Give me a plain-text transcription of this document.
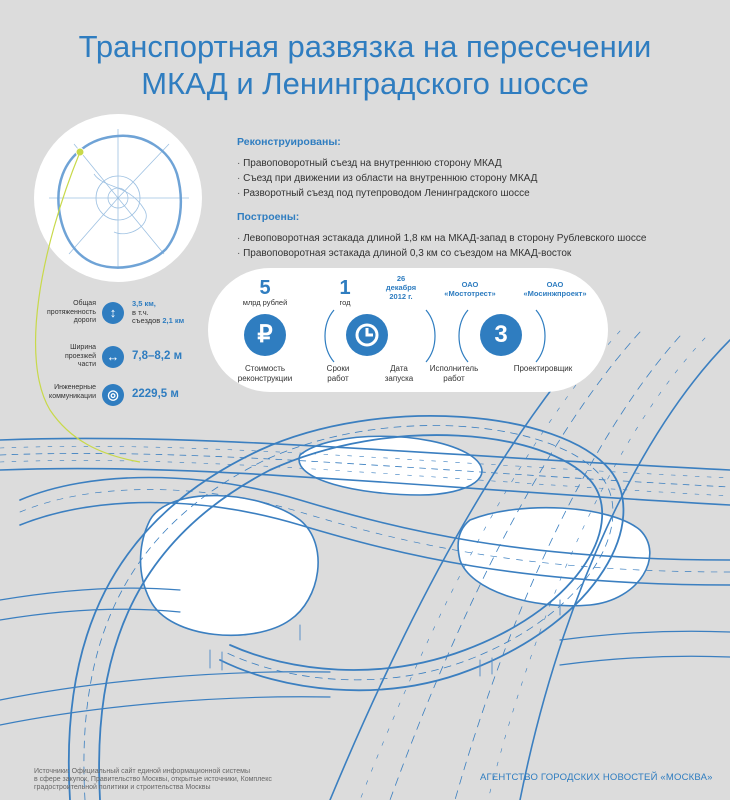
Транспортная развязка на пересечении
МКАД и Ленинградского шоссе
Реконструированы:
· Правоповоротный съезд на внутреннюю сторону МКАД
· Съезд при движении из области на внутреннюю сторону МКАД
· Разворотный съезд под путепроводом Ленинградского шоссе
Построены:
· Левоповоротная эстакада длиной 1,8 км на МКАД-запад в сторону Рублевского шоссе
· Правоповоротная эстакада длиной 0,3 км со съездом на МКАД-восток
Общая
протяженность
дороги
↕
3,5 км,
в т.ч.
съездов 2,1 км
Ширина
проезжей
части
↔	7,8–8,2 м
Инженерные
коммуникации ◎	2229,5 м
5
млрд рублей
₽
Стоимость
реконструкции
1
год
Сроки
работ
26
декабря
2012 г.
Дата
запуска
ОАО
«Мостотрест»
3
Исполнитель
работ
ОАО
«Мосинжпроект»
Проектировщик
Источники: Официальный сайт единой информационной системы
в сфере закупок, Правительство Москвы, открытые источники, Комплекс
градостроительной политики и строительства Москвы
АГЕНТСТВО ГОРОДСКИХ НОВОСТЕЙ «МОСКВА»
